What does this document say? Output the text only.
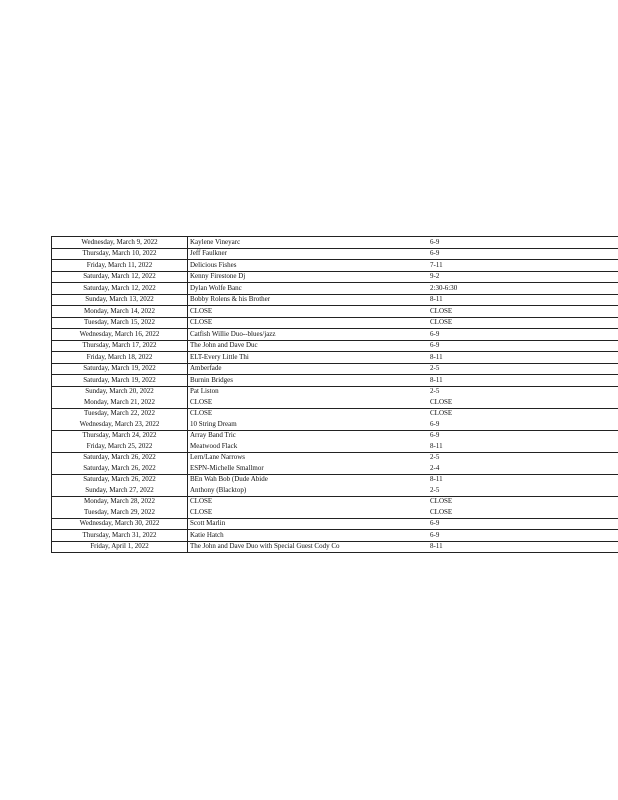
Wednesday, March 9, 2022	Kaylene Vineyarc	6-9
Thursday, March 10, 2022	Jeff Faulkner	6-9
Friday, March 11, 2022	Delicious Fishes	7-11
Saturday, March 12, 2022	Kenny Firestone Dj	9-2
Saturday, March 12, 2022	Dylan Wolfe Banc	2:30-6:30
Sunday, March 13, 2022	Bobby Rolens & his Brother	8-11
Monday, March 14, 2022	CLOSE	CLOSE
Tuesday, March 15, 2022	CLOSE	CLOSE
Wednesday, March 16, 2022	Catfish Willie Duo--blues/jazz	6-9
Thursday, March 17, 2022	The John and Dave Duc	6-9
Friday, March 18, 2022	ELT-Every Little Thi	8-11
Saturday, March 19, 2022	Amberfade	2-5
Saturday, March 19, 2022	Burnin Bridges	8-11
Sunday, March 20, 2022	Pat Liston	2-5
Monday, March 21, 2022	CLOSE	CLOSE
Tuesday, March 22, 2022	CLOSE	CLOSE
Wednesday, March 23, 2022	10 String Dream	6-9
Thursday, March 24, 2022	Array Band Tric	6-9
Friday, March 25, 2022	Meatwood Flack	8-11
Saturday, March 26, 2022	Lern/Lane Narrows	2-5
Saturday, March 26, 2022	ESPN-Michelle Smallmor	2-4
Saturday, March 26, 2022	BEn Wah Bob (Dude Abide	8-11
Sunday, March 27, 2022	Anthony (Blacktop)	2-5
Monday, March 28, 2022	CLOSE	CLOSE
Tuesday, March 29, 2022	CLOSE	CLOSE
Wednesday, March 30, 2022	Scott Marlin	6-9
Thursday, March 31, 2022	Katie Hatch	6-9
Friday, April 1, 2022	The John and Dave Duo with Special Guest Cody Co	8-11
